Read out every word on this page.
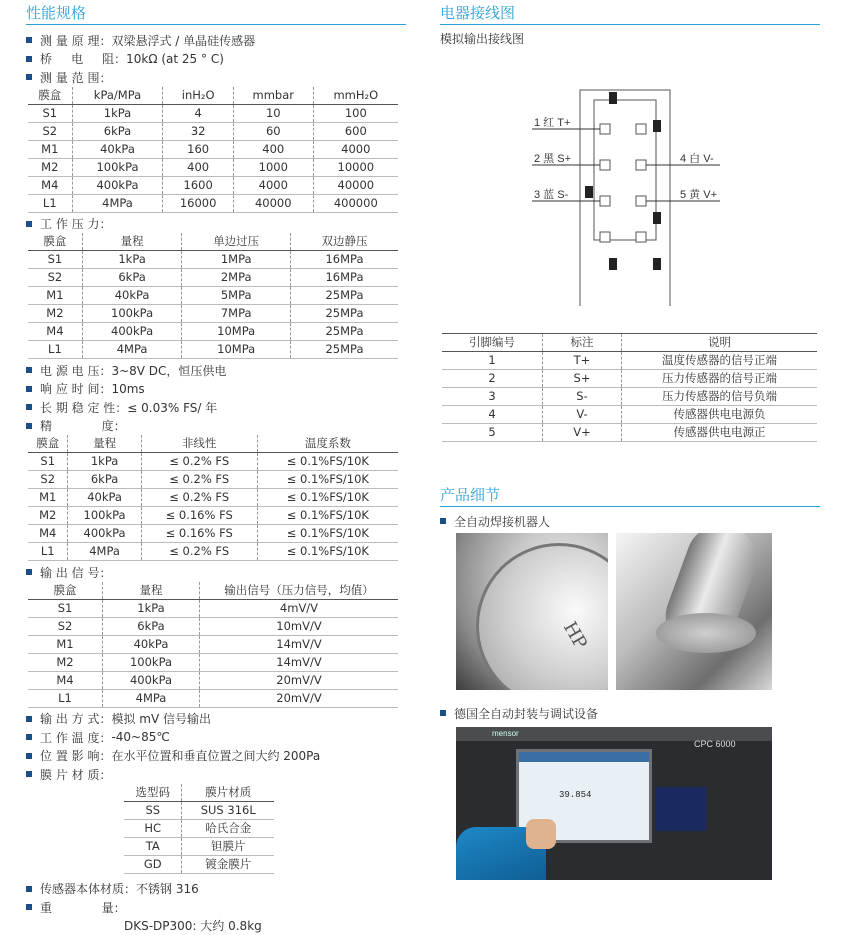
性能规格
测 量 原 理： 双梁悬浮式 / 单晶硅传感器
桥     电     阻： 10kΩ (at 25 ° C)
测 量 范 围：
膜盒	kPa/MPa	inH₂O	mmbar	mmH₂O
S1	1kPa	4	10	100
S2	6kPa	32	60	600
M1	40kPa	160	400	4000
M2	100kPa	400	1000	10000
M4	400kPa	1600	4000	40000
L1	4MPa	16000	40000	400000
工 作 压 力：
膜盒	量程	单边过压	双边静压
S1	1kPa	1MPa	16MPa
S2	6kPa	2MPa	16MPa
M1	40kPa	5MPa	25MPa
M2	100kPa	7MPa	25MPa
M4	400kPa	10MPa	25MPa
L1	4MPa	10MPa	25MPa
电 源 电 压： 3~8V DC，恒压供电
响 应 时 间： 10ms
长 期 稳 定 性： ≤ 0.03% FS/ 年
精             度：
膜盒	量程	非线性	温度系数
S1	1kPa	≤ 0.2% FS	≤ 0.1%FS/10K
S2	6kPa	≤ 0.2% FS	≤ 0.1%FS/10K
M1	40kPa	≤ 0.2% FS	≤ 0.1%FS/10K
M2	100kPa	≤ 0.16% FS	≤ 0.1%FS/10K
M4	400kPa	≤ 0.16% FS	≤ 0.1%FS/10K
L1	4MPa	≤ 0.2% FS	≤ 0.1%FS/10K
输 出 信 号：
膜盒	量程	输出信号（压力信号，均值）
S1	1kPa	4mV/V
S2	6kPa	10mV/V
M1	40kPa	14mV/V
M2	100kPa	14mV/V
M4	400kPa	20mV/V
L1	4MPa	20mV/V
输 出 方 式： 模拟 mV 信号输出
工 作 温 度： -40~85℃
位 置 影 响： 在水平位置和垂直位置之间大约 200Pa
膜 片 材 质：
选型码	膜片材质
SS	SUS 316L
HC	哈氏合金
TA	钽膜片
GD	镀金膜片
传感器本体材质： 不锈钢 316
重             量：
DKS-DP300: 大约 0.8kg
电器接线图
模拟输出接线图
1 红 T+
2 黑 S+
3 蓝 S-
4 白 V-
5 黄 V+
引脚编号	标注	说明
1	T+	温度传感器的信号正端
2	S+	压力传感器的信号正端
3	S-	压力传感器的信号负端
4	V-	传感器供电电源负
5	V+	传感器供电电源正
产品细节
全自动焊接机器人
HP
德国全自动封装与调试设备
mensor
CPC 6000
39.854
